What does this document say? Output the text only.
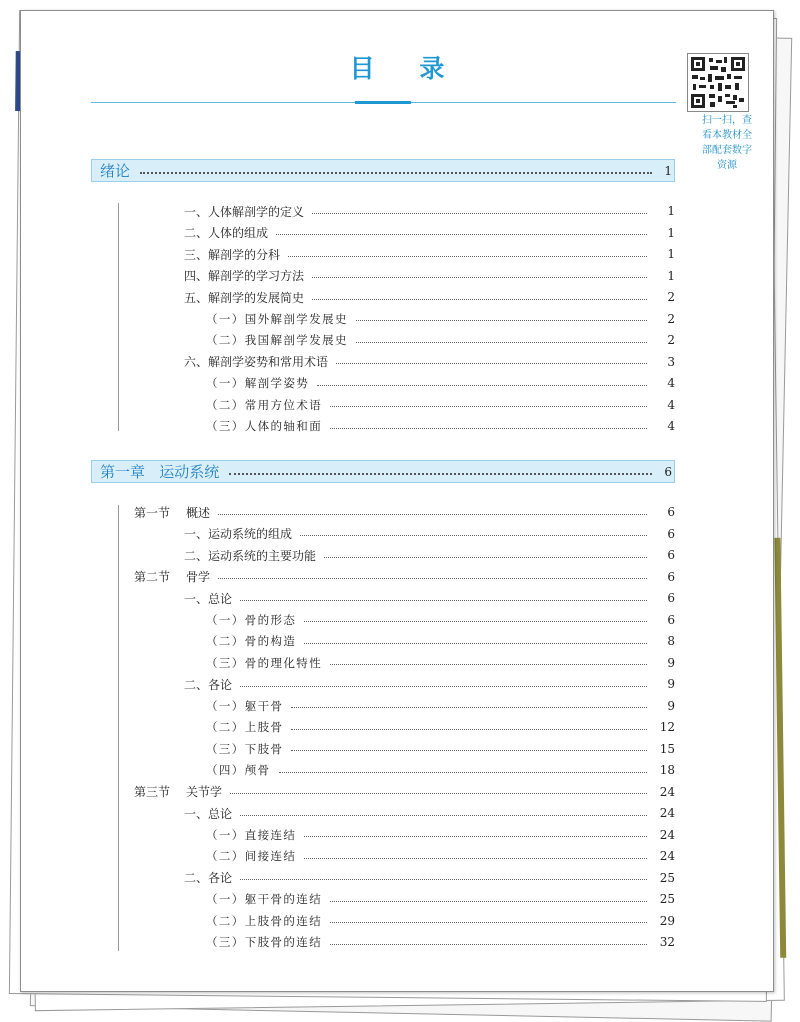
目 录
扫一扫，查
看本教材全
部配套数字
资源
绪论	1
一、人体解剖学的定义	1
二、人体的组成	1
三、解剖学的分科	1
四、解剖学的学习方法	1
五、解剖学的发展简史	2
（一）国外解剖学发展史	2
（二）我国解剖学发展史	2
六、解剖学姿势和常用术语	3
（一）解剖学姿势	4
（二）常用方位术语	4
（三）人体的轴和面	4
第一章   运动系统	6
第一节	概述	6
一、运动系统的组成	6
二、运动系统的主要功能	6
第二节	骨学	6
一、总论	6
（一）骨的形态	6
（二）骨的构造	8
（三）骨的理化特性	9
二、各论	9
（一）躯干骨	9
（二）上肢骨	12
（三）下肢骨	15
（四）颅骨	18
第三节	关节学	24
一、总论	24
（一）直接连结	24
（二）间接连结	24
二、各论	25
（一）躯干骨的连结	25
（二）上肢骨的连结	29
（三）下肢骨的连结	32
